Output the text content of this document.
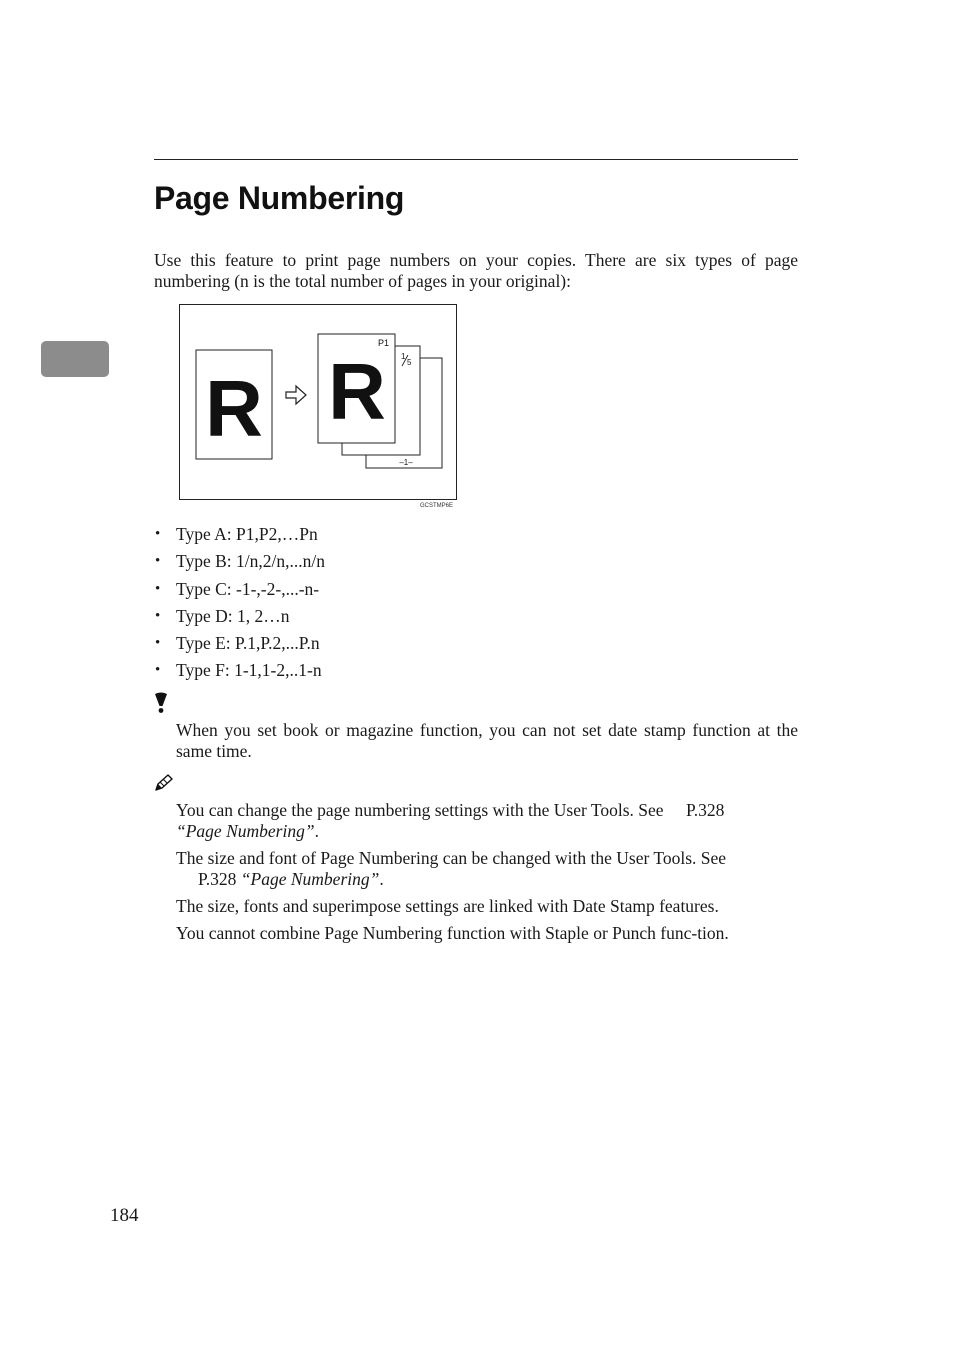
Page Numbering

Use this feature to print page numbers on your copies. There are six types of page numbering (n is the total number of pages in your original):

R R
P1
1
5
–1–
GCSTMP6E
• Type A: P1,P2,…Pn
• Type B: 1/n,2/n,...n/n
• Type C: -1-,-2-,...-n-
• Type D: 1, 2…n
• Type E: P.1,P.2,...P.n
• Type F: 1-1,1-2,..1-n

When you set book or magazine function, you can not set date stamp function at the same time.

You can change the page numbering settings with the User Tools. See P.328
“Page Numbering”.

The size and font of Page Numbering can be changed with the User Tools. See
P.328 “Page Numbering”.

The size, fonts and superimpose settings are linked with Date Stamp features.

You cannot combine Page Numbering function with Staple or Punch func-tion.

184
